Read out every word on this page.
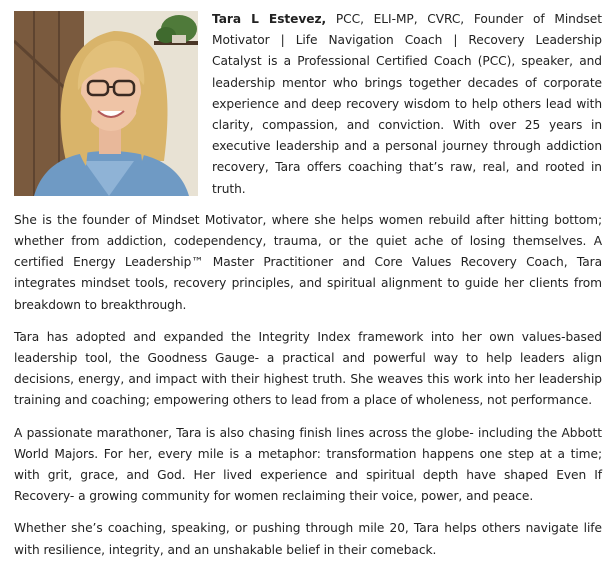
Tara L Estevez, PCC, ELI-MP, CVRC, Founder of Mindset Motivator | Life Navigation Coach | Recovery Leadership Catalyst is a Professional Certified Coach (PCC), speaker, and leadership mentor who brings together decades of corporate experience and deep recovery wisdom to help others lead with clarity, compassion, and conviction. With over 25 years in executive leadership and a personal journey through addiction recovery, Tara offers coaching that’s raw, real, and rooted in truth.

She is the founder of Mindset Motivator, where she helps women rebuild after hitting bottom; whether from addiction, codependency, trauma, or the quiet ache of losing themselves. A certified Energy Leadership™ Master Practitioner and Core Values Recovery Coach, Tara integrates mindset tools, recovery principles, and spiritual alignment to guide her clients from breakdown to breakthrough.

Tara has adopted and expanded the Integrity Index framework into her own values-based leadership tool, the Goodness Gauge- a practical and powerful way to help leaders align decisions, energy, and impact with their highest truth. She weaves this work into her leadership training and coaching; empowering others to lead from a place of wholeness, not performance.

A passionate marathoner, Tara is also chasing finish lines across the globe- including the Abbott World Majors. For her, every mile is a metaphor: transformation happens one step at a time; with grit, grace, and God. Her lived experience and spiritual depth have shaped Even If Recovery- a growing community for women reclaiming their voice, power, and peace.

Whether she’s coaching, speaking, or pushing through mile 20, Tara helps others navigate life with resilience, integrity, and an unshakable belief in their comeback.
